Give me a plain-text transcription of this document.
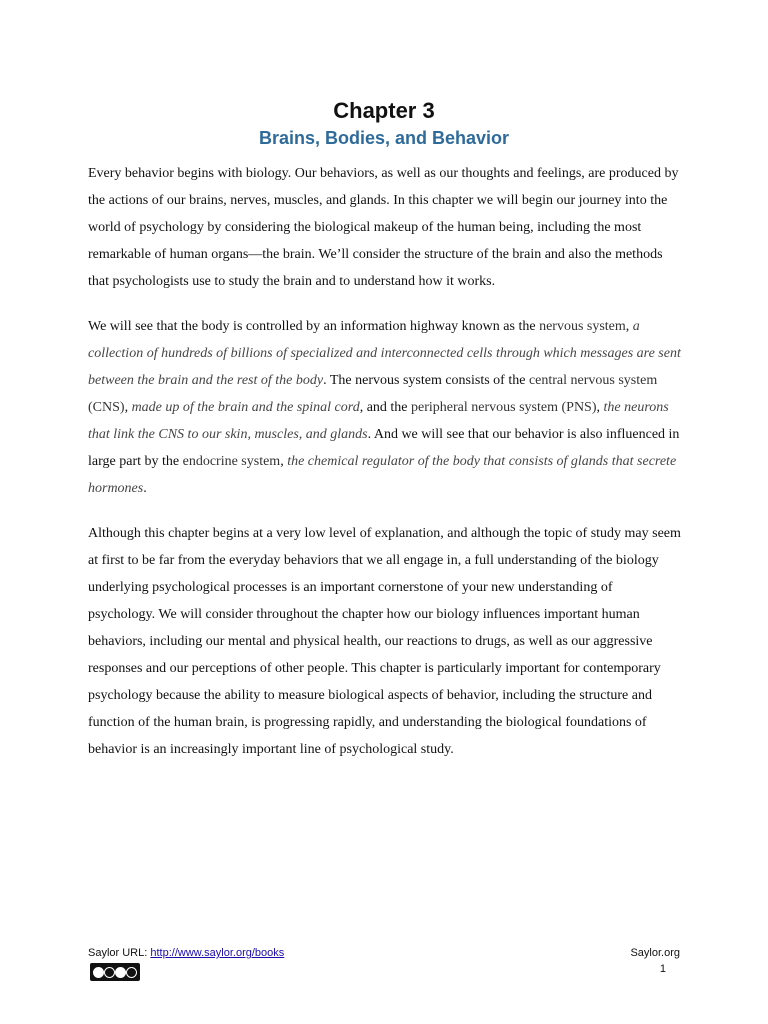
Chapter 3
Brains, Bodies, and Behavior

Every behavior begins with biology. Our behaviors, as well as our thoughts and feelings, are produced by the actions of our brains, nerves, muscles, and glands. In this chapter we will begin our journey into the world of psychology by considering the biological makeup of the human being, including the most remarkable of human organs—the brain. We’ll consider the structure of the brain and also the methods that psychologists use to study the brain and to understand how it works.

We will see that the body is controlled by an information highway known as the nervous system, a collection of hundreds of billions of specialized and interconnected cells through which messages are sent between the brain and the rest of the body. The nervous system consists of the central nervous system (CNS), made up of the brain and the spinal cord, and the peripheral nervous system (PNS), the neurons that link the CNS to our skin, muscles, and glands. And we will see that our behavior is also influenced in large part by the endocrine system, the chemical regulator of the body that consists of glands that secrete hormones.

Although this chapter begins at a very low level of explanation, and although the topic of study may seem at first to be far from the everyday behaviors that we all engage in, a full understanding of the biology underlying psychological processes is an important cornerstone of your new understanding of psychology. We will consider throughout the chapter how our biology influences important human behaviors, including our mental and physical health, our reactions to drugs, as well as our aggressive responses and our perceptions of other people. This chapter is particularly important for contemporary psychology because the ability to measure biological aspects of behavior, including the structure and function of the human brain, is progressing rapidly, and understanding the biological foundations of behavior is an increasingly important line of psychological study.

Saylor URL: http://www.saylor.org/books	Saylor.org
1
